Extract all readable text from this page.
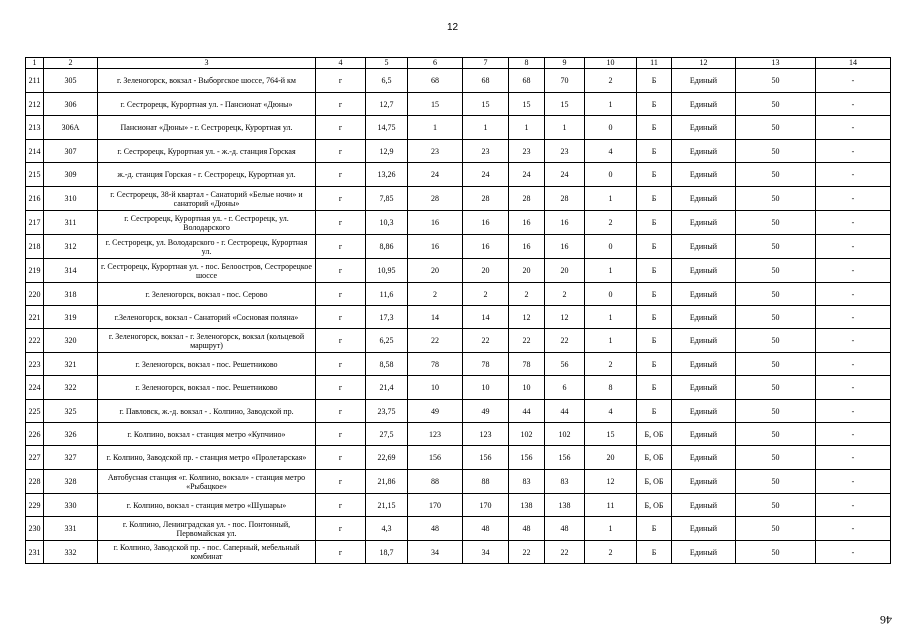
12
1	2	3	4	5	6	7	8	9	10	11	12	13	14
211	305	г. Зеленогорск, вокзал - Выборгское шоссе, 764-й км	г	6,5	68	68	68	70	2	Б	Единый	50	-
212	306	г. Сестрорецк, Курортная ул. - Пансионат «Дюны»	г	12,7	15	15	15	15	1	Б	Единый	50	-
213	306А	Пансионат «Дюны» - г. Сестрорецк, Курортная ул.	г	14,75	1	1	1	1	0	Б	Единый	50	-
214	307	г. Сестрорецк, Курортная ул. - ж.-д. станция Горская	г	12,9	23	23	23	23	4	Б	Единый	50	-
215	309	ж.-д. станция Горская - г. Сестрорецк, Курортная ул.	г	13,26	24	24	24	24	0	Б	Единый	50	-
216	310	г. Сестрорецк, 38-й квартал - Санаторий «Белые ночи» и санаторий «Дюны»	г	7,85	28	28	28	28	1	Б	Единый	50	-
217	311	г. Сестрорецк, Курортная ул. - г. Сестрорецк, ул. Володарского	г	10,3	16	16	16	16	2	Б	Единый	50	-
218	312	г. Сестрорецк, ул. Володарского - г. Сестрорецк, Курортная ул.	г	8,86	16	16	16	16	0	Б	Единый	50	-
219	314	г. Сестрорецк, Курортная ул. - пос. Белоостров, Сестрорецкое шоссе	г	10,95	20	20	20	20	1	Б	Единый	50	-
220	318	г. Зеленогорск, вокзал - пос. Серово	г	11,6	2	2	2	2	0	Б	Единый	50	-
221	319	г.Зеленогорск, вокзал - Санаторий «Сосновая поляна»	г	17,3	14	14	12	12	1	Б	Единый	50	-
222	320	г. Зеленогорск, вокзал - г. Зеленогорск, вокзал (кольцевой маршрут)	г	6,25	22	22	22	22	1	Б	Единый	50	-
223	321	г. Зеленогорск, вокзал - пос. Решетниково	г	8,58	78	78	78	56	2	Б	Единый	50	-
224	322	г. Зеленогорск, вокзал - пос. Решетниково	г	21,4	10	10	10	6	8	Б	Единый	50	-
225	325	г. Павловск, ж.-д. вокзал - . Колпино, Заводской пр.	г	23,75	49	49	44	44	4	Б	Единый	50	-
226	326	г. Колпино, вокзал - станция метро «Купчино»	г	27,5	123	123	102	102	15	Б, ОБ	Единый	50	-
227	327	г. Колпино, Заводской пр. - станция метро «Пролетарская»	г	22,69	156	156	156	156	20	Б, ОБ	Единый	50	-
228	328	Автобусная станция «г. Колпино, вокзал» - станция метро «Рыбацкое»	г	21,86	88	88	83	83	12	Б, ОБ	Единый	50	-
229	330	г. Колпино, вокзал - станция метро «Шушары»	г	21,15	170	170	138	138	11	Б, ОБ	Единый	50	-
230	331	г. Колпино, Ленинградская ул. - пос. Понтонный, Первомайская ул.	г	4,3	48	48	48	48	1	Б	Единый	50	-
231	332	г. Колпино, Заводской пр. - пос. Саперный, мебельный комбинат	г	18,7	34	34	22	22	2	Б	Единый	50	-
46
